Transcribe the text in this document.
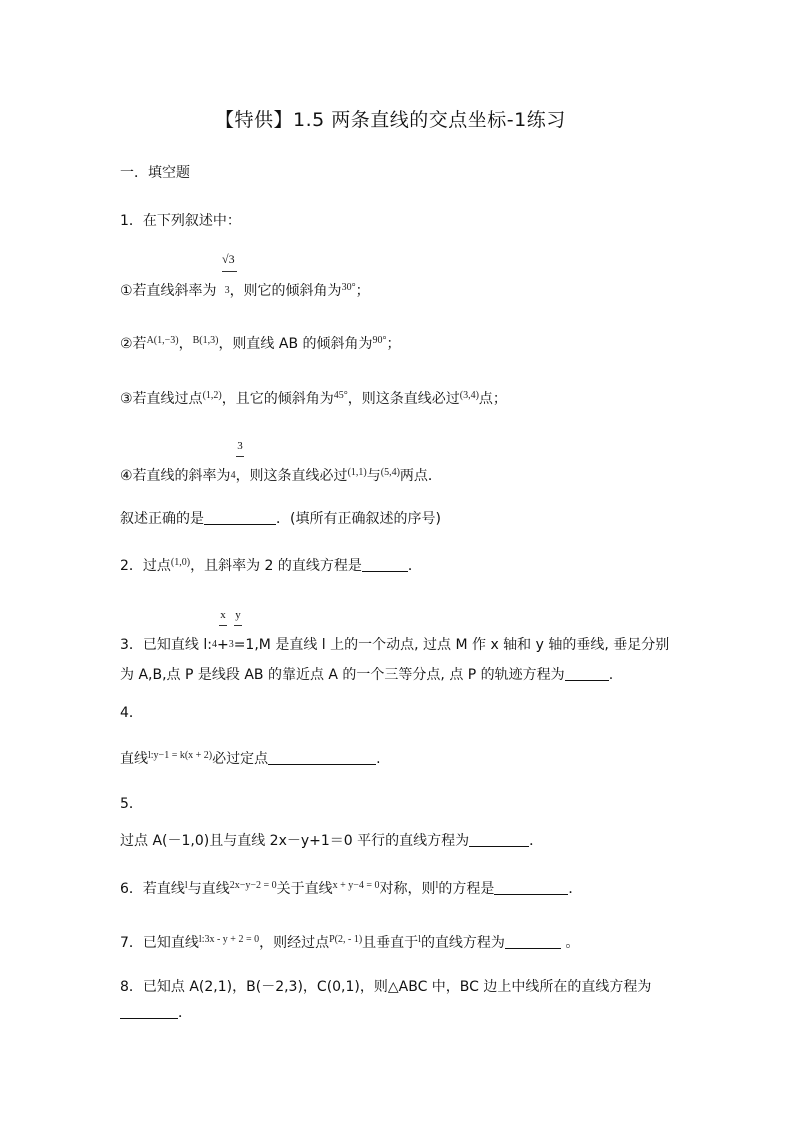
【特供】1.5 两条直线的交点坐标-1练习
一．填空题
1．在下列叙述中：
√3
①若直线斜率为 3，则它的倾斜角为$^{30^\circ}$；
②若$^{A(1,-3)}$，$^{B(1,3)}$，则直线 AB 的倾斜角为$^{90^\circ}$；
③若直线过点$^{(1,2)}$，且它的倾斜角为$^{45^\circ}$，则这条直线必过$^{(3,4)}$点；
3
④若直线的斜率为4，则这条直线必过$^{(1,1)}$与$^{(5,4)}$两点．
叙述正确的是	．(填所有正确叙述的序号)
2．过点$^{(1,0)}$，且斜率为 2 的直线方程是	．
x y
3．已知直线 l:4+3=1,M 是直线 l 上的一个动点, 过点 M 作 x 轴和 y 轴的垂线, 垂足分别
为 A,B,点 P 是线段 AB 的靠近点 A 的一个三等分点, 点 P 的轨迹方程为	.
4．
直线$^{l:y-1 = k(x + 2)}$必过定点	.
5．
过点 A(－1,0)且与直线 2x－y+1＝0 平行的直线方程为	．
6．若直线$^l$与直线$^{2x-y-2 = 0}$关于直线$^{x + y-4 = 0}$对称，则$^l$的方程是	．
7．已知直线$^{l:3x - y + 2 = 0}$，则经过点$^{P(2, - 1)}$且垂直于$^l$的直线方程为	。
8．已知点 A(2,1)，B(－2,3)，C(0,1)，则△ABC 中，BC 边上中线所在的直线方程为
．
